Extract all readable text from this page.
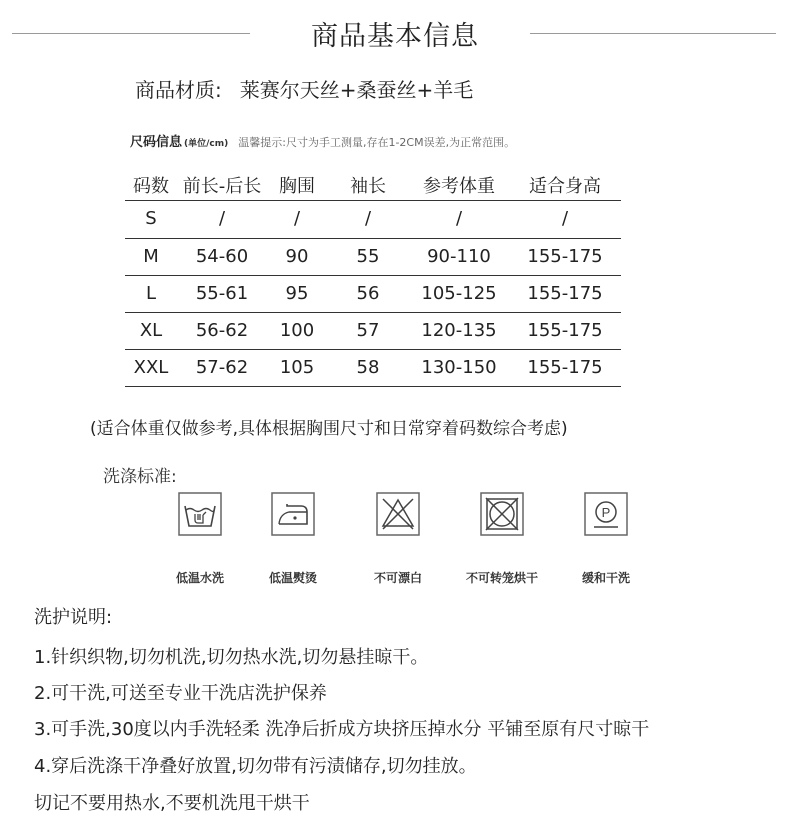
商品基本信息
商品材质: 莱赛尔天丝+桑蚕丝+羊毛
尺码信息 (单位/cm) 温馨提示:尺寸为手工测量,存在1-2CM误差,为正常范围。
码数 前长-后长 胸围	袖长	参考体重	适合身高
S	/	/	/	/	/
M	54-60	90	55	90-110	155-175
L	55-61	95	56	105-125	155-175
XL	56-62	100	57	120-135	155-175
XXL	57-62	105	58	130-150	155-175
(适合体重仅做参考,具体根据胸围尺寸和日常穿着码数综合考虑)
洗涤标准:
低温水洗	低温熨烫	不可漂白	不可转笼烘干
P
缓和干洗
洗护说明:
1.针织织物,切勿机洗,切勿热水洗,切勿悬挂晾干。
2.可干洗,可送至专业干洗店洗护保养
3.可手洗,30度以内手洗轻柔 洗净后折成方块挤压掉水分 平铺至原有尺寸晾干
4.穿后洗涤干净叠好放置,切勿带有污渍储存,切勿挂放。
切记不要用热水,不要机洗甩干烘干
